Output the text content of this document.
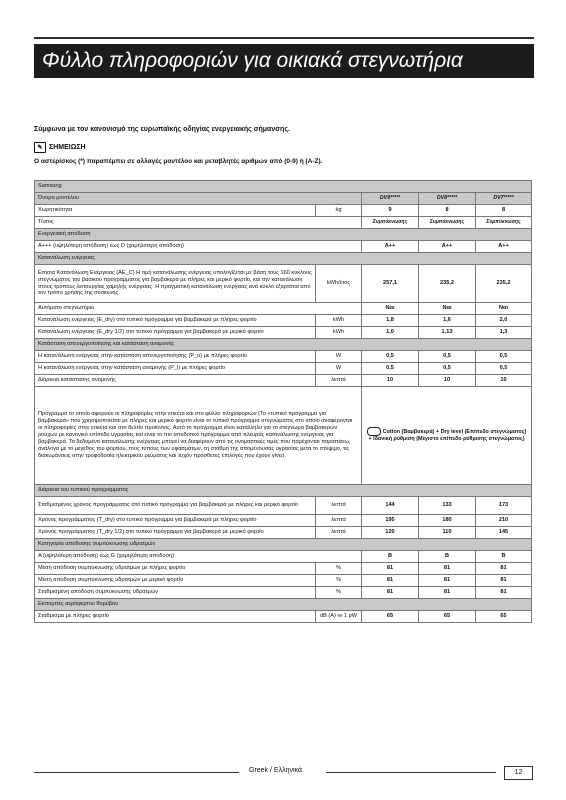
Φύλλο πληροφοριών για οικιακά στεγνωτήρια
Σύμφωνα με τον κανονισμό της ευρωπαϊκής οδηγίας ενεργειακής σήμανσης.
✎ ΣΗΜΕΙΩΣΗ
Ο αστερίσκος (*) παραπέμπει σε αλλαγές μοντέλου και μεταβλητές αριθμών από (0-9) ή (A-Z).
Samsung				
Όνομα μοντέλου		DV9*****	DV8*****	DV7*****
Χωρητικότητα	kg	9	8	8
Τύπος		Συμπύκνωσης	Συμπύκνωσης	Συμπύκνωσης
Ενεργειακή απόδοση				
A+++ (υψηλότερη απόδοση) έως D (χαμηλότερη απόδοση)		A++	A++	A++
Κατανάλωση ενέργειας				
Ετήσια Κατανάλωση Ενέργειας (AE_C) Η τιμή κατανάλωσης ενέργειας υπολογίζεται με βάση τους 160 κύκλους στεγνώματος του βασικού προγράμματος για βαμβακερά με πλήρες και μερικό φορτίο, και την κατανάλωση στους τρόπους λειτουργίας χαμηλής ενέργειας. Η πραγματική κατανάλωση ενέργειας ανά κύκλο εξαρτάται από τον τρόπο χρήσης της συσκευής.	kWh/έτος	257,1	235,2	235,2
Αυτόματο στεγνωτήριο		Ναι	Ναι	Ναι
Κατανάλωση ενέργειας (E_dry) στο τυπικό πρόγραμμα για βαμβακερά με πλήρες φορτίο	kWh	1,8	1,6	2,0
Κατανάλωση ενέργειας (E_dry 1/2) στο τυπικό πρόγραμμα για βαμβακερά με μερικό φορτίο	kWh	1,0	1,13	1,3
Κατάσταση απενεργοποίησης και κατάσταση αναμονής				
Η κατανάλωση ενέργειας στην κατάσταση απενεργοποίησης (P_o) με πλήρες φορτίο	W	0,5	0,5	0,5
Η κατανάλωση ενέργειας στην κατάσταση αναμονής (P_l) με πλήρες φορτίο	W	0,5	0,5	0,5
Διάρκεια κατάστασης αναμονής	λεπτά	10	10	10
Πρόγραμμα το οποίο αφορούν οι πληροφορίες στην ετικέτα και στο φύλλο πληροφοριών (Το «τυπικό πρόγραμμα για βαμβακερά» που χρησιμοποιείται με πλήρες και μερικό φορτίο είναι το τυπικό πρόγραμμα στεγνώματος στο οποίο αναφέρονται οι πληροφορίες στην ετικέτα και στο δελτίο προϊόντος. Αυτό το πρόγραμμα είναι κατάλληλο για το στέγνωμα βαμβακερών ρούχων με κανονικό επίπεδο υγρασίας και είναι το πιο αποδοτικό πρόγραμμα από πλευράς κατανάλωσης ενέργειας για βαμβακερά. Τα δεδομένα κατανάλωσης ενέργειας μπορεί να διαφέρουν από τις ονομαστικές τιμές που παρέχονται παραπάνω, ανάλογα με το μέγεθος του φορτίου, τους τύπους των υφασμάτων, τη στάθμη της απομένουσας υγρασίας μετά το στύψιμο, τις διακυμάνσεις στην τροφοδοσία ηλεκτρικού ρεύματος και τυχόν πρόσθετες επιλογές που έχουν γίνει).		Cotton (Βαμβακερά) + Dry level (Επίπεδο στεγνώματος) + Ιδανική ρύθμιση (Μέγιστο επίπεδο ρύθμισης στεγνώματος)		
Διάρκεια του τυπικού προγράμματος				
Σταθμισμένος χρόνος προγράμματος στο τυπικό πρόγραμμα για βαμβακερά με πλήρες και μερικό φορτίο	λεπτά	144	133	173
Χρόνος προγράμματος (T_dry) στο τυπικό πρόγραμμα για βαμβακερά με πλήρες φορτίο	λεπτά	195	180	210
Χρόνος προγράμματος (T_dry 1/2) στο τυπικό πρόγραμμα για βαμβακερά με μερικό φορτίο	λεπτά	120	110	145
Κατηγορία απόδοσης συμπύκνωσης υδρατμών				
A (υψηλότερη απόδοση) έως G (χαμηλότερη απόδοση)		B	B	B
Μέση απόδοση συμπύκνωσης υδρατμών με πλήρες φορτίο	%	81	81	81
Μέση απόδοση συμπύκνωσης υδρατμών με μερικό φορτίο	%	81	81	81
Σταθμισμένη απόδοση συμπύκνωσης υδρατμών	%	81	81	81
Εκπομπές αερόφερτου θορύβου				
Στάθμισμα με πλήρες φορτίο	dB (A) re 1 pW	65	65	65
Greek / Ελληνικά	12
